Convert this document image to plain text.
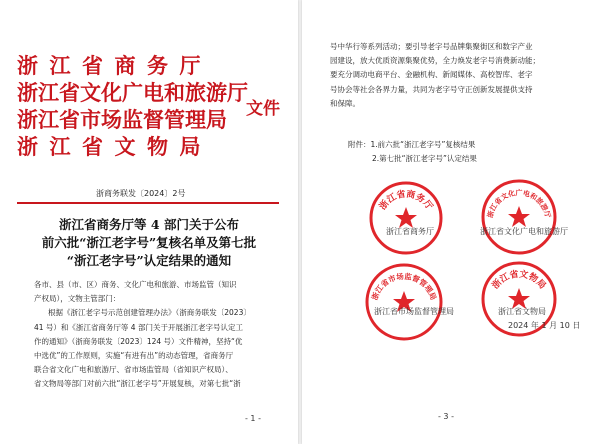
浙江省商务厅
浙江省文化广电和旅游厅
浙江省市场监督管理局
浙江省文物局
文件
浙商务联发〔2024〕2号
浙江省商务厅等 4 部门关于公布
前六批“浙江老字号”复核名单及第七批
“浙江老字号”认定结果的通知

各市、县（市、区）商务、文化广电和旅游、市场监管（知识

产权局），文物主管部门：

根据《浙江老字号示范创建管理办法》（浙商务联发〔2023〕

41 号）和《浙江省商务厅等 4 部门关于开展浙江老字号认定工

作的通知》（浙商务联发〔2023〕124 号）文件精神，坚持“优

中选优”的工作原则，实施“有进有出”的动态管理，省商务厅

联合省文化广电和旅游厅、省市场监管局（省知识产权局）、

省文物局等部门对前六批“浙江老字号”开展复核，对第七批“浙

- 1 -

号中华行等系列活动；要引导老字号品牌集聚街区和数字产业

园建设，放大优质资源集聚优势，全力焕发老字号消费新动能；

要充分调动电商平台、金融机构、新闻媒体、高校智库、老字

号协会等社会各界力量，共同为老字号守正创新发展提供支持

和保障。

附件：1.前六批“浙江老字号”复核结果

2.第七批“浙江老字号”认定结果

浙江省商务厅
浙江省文化广电和旅游厅
浙江省市场监督管理局
浙江省文物局
浙江省商务厅	浙江省文化广电和旅游厅
浙江省市场监督管理局	浙江省文物局
2024 年 1 月 10 日
- 3 -
